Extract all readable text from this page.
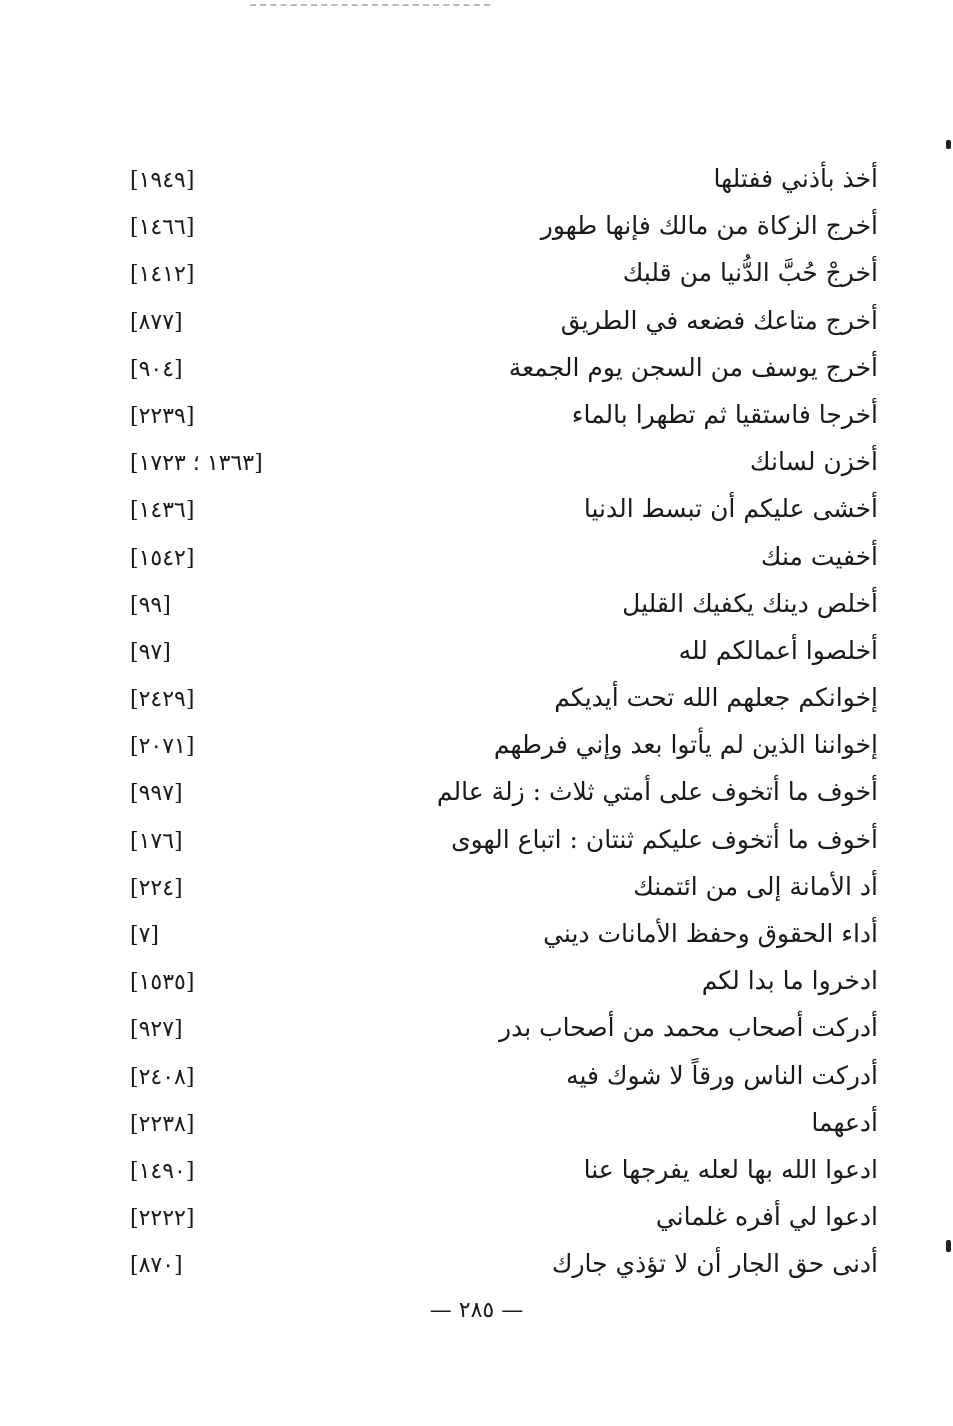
أخذ بأذني ففتلها
[١٩٤٩]
أخرج الزكاة من مالك فإنها طهور
[١٤٦٦]
أخرجْ حُبَّ الدُّنيا من قلبك
[١٤١٢]
أخرج متاعك فضعه في الطريق
[٨٧٧]
أخرج يوسف من السجن يوم الجمعة
[٩٠٤]
أخرجا فاستقيا ثم تطهرا بالماء
[٢٢٣٩]
أخزن لسانك
[١٣٦٣ ؛ ١٧٢٣]
أخشى عليكم أن تبسط الدنيا
[١٤٣٦]
أخفيت منك
[١٥٤٢]
أخلص دينك يكفيك القليل
[٩٩]
أخلصوا أعمالكم لله
[٩٧]
إخوانكم جعلهم الله تحت أيديكم
[٢٤٢٩]
إخواننا الذين لم يأتوا بعد وإني فرطهم
[٢٠٧١]
أخوف ما أتخوف على أمتي ثلاث : زلة عالم
[٩٩٧]
أخوف ما أتخوف عليكم ثنتان : اتباع الهوى
[١٧٦]
أد الأمانة إلى من ائتمنك
[٢٢٤]
أداء الحقوق وحفظ الأمانات ديني
[٧]
ادخروا ما بدا لكم
[١٥٣٥]
أدركت أصحاب محمد من أصحاب بدر
[٩٢٧]
أدركت الناس ورقاً لا شوك فيه
[٢٤٠٨]
أدعهما
[٢٢٣٨]
ادعوا الله بها لعله يفرجها عنا
[١٤٩٠]
ادعوا لي أفره غلماني
[٢٢٢٢]
أدنى حق الجار أن لا تؤذي جارك
[٨٧٠]
— ٢٨٥ —
